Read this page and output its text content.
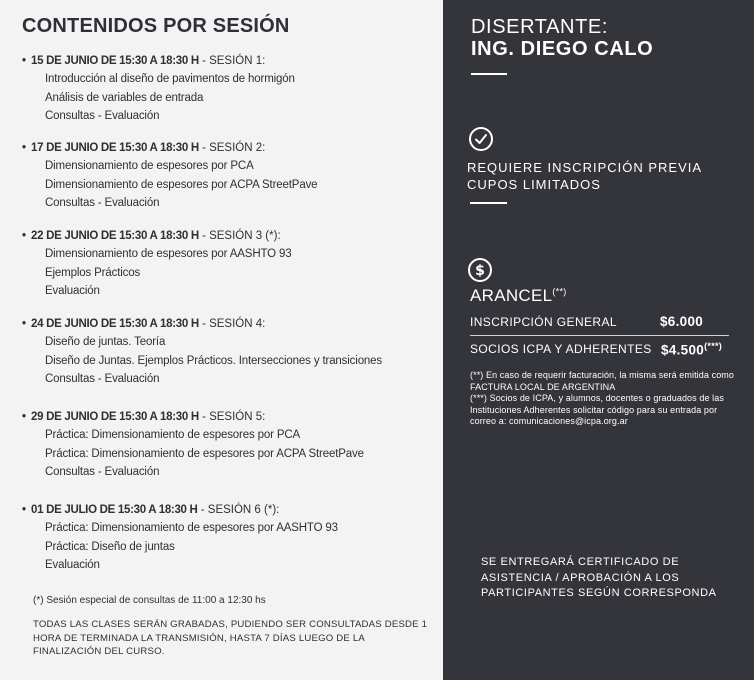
CONTENIDOS POR SESIÓN
• 15 DE JUNIO DE 15:30 A 18:30 H - SESIÓN 1:
Introducción al diseño de pavimentos de hormigón
Análisis de variables de entrada
Consultas - Evaluación
• 17 DE JUNIO DE 15:30 A 18:30 H - SESIÓN 2:
Dimensionamiento de espesores por PCA
Dimensionamiento de espesores por ACPA StreetPave
Consultas - Evaluación
• 22 DE JUNIO DE 15:30 A 18:30 H - SESIÓN 3 (*):
Dimensionamiento de espesores por AASHTO 93
Ejemplos Prácticos
Evaluación
• 24 DE JUNIO DE 15:30 A 18:30 H - SESIÓN 4:
Diseño de juntas. Teoría
Diseño de Juntas. Ejemplos Prácticos. Intersecciones y transiciones
Consultas - Evaluación
• 29 DE JUNIO DE 15:30 A 18:30 H - SESIÓN 5:
Práctica: Dimensionamiento de espesores por PCA
Práctica: Dimensionamiento de espesores por ACPA StreetPave
Consultas - Evaluación
• 01 DE JULIO DE 15:30 A 18:30 H - SESIÓN 6 (*):
Práctica: Dimensionamiento de espesores por AASHTO 93
Práctica: Diseño de juntas
Evaluación
(*) Sesión especial de consultas de 11:00 a 12:30 hs
TODAS LAS CLASES SERÁN GRABADAS, PUDIENDO SER CONSULTADAS DESDE 1 HORA DE TERMINADA LA TRANSMISIÓN, HASTA 7 DÍAS LUEGO DE LA FINALIZACIÓN DEL CURSO.
DISERTANTE:
ING. DIEGO CALO
REQUIERE INSCRIPCIÓN PREVIA
CUPOS LIMITADOS
$
ARANCEL(**)
INSCRIPCIÓN GENERAL	$6.000
SOCIOS ICPA Y ADHERENTES $4.500(***)
(**) En caso de requerir facturación, la misma será emitida como FACTURA LOCAL DE ARGENTINA
(***) Socios de ICPA, y alumnos, docentes o graduados de las Instituciones Adherentes solicitar código para su entrada por correo a: comunicaciones@icpa.org.ar
SE ENTREGARÁ CERTIFICADO DE ASISTENCIA / APROBACIÓN A LOS PARTICIPANTES SEGÚN CORRESPONDA
